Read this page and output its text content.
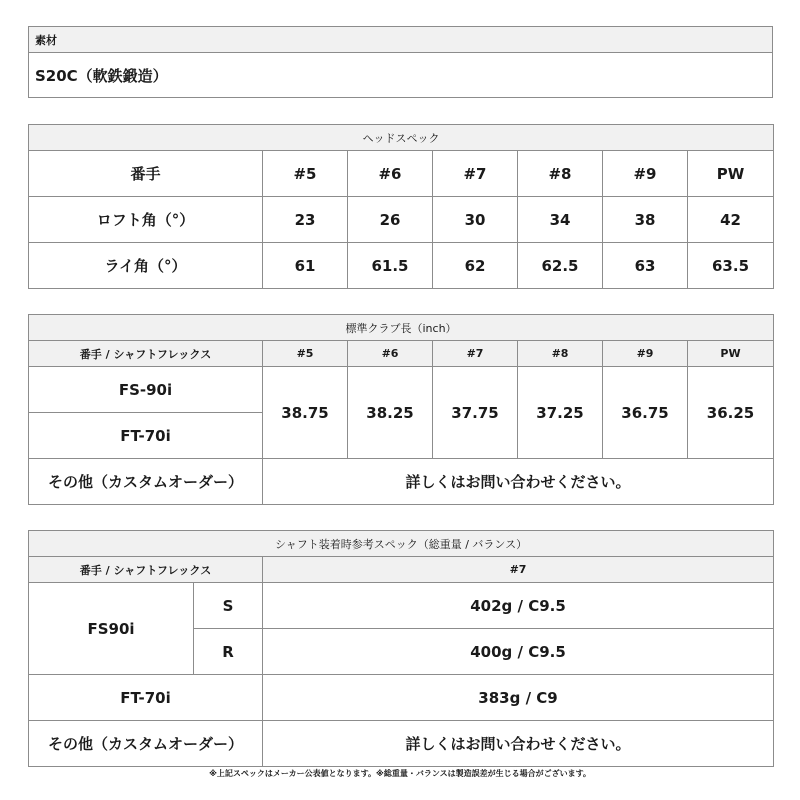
素材
S20C（軟鉄鍛造）
ヘッドスペック						
番手	#5	#6	#7	#8	#9	PW
ロフト角（°）	23	26	30	34	38	42
ライ角（°）	61	61.5	62	62.5	63	63.5
標準クラブ長（inch）						
番手 / シャフトフレックス	#5	#6	#7	#8	#9	PW
FS-90i	38.75	38.25	37.75	37.25	36.75	36.25
FT-70i						
その他（カスタムオーダー）	詳しくはお問い合わせください。					
シャフト装着時参考スペック（総重量 / バランス）		
番手 / シャフトフレックス		#7
FS90i	S	402g / C9.5
	R	400g / C9.5
FT-70i		383g / C9
その他（カスタムオーダー）		詳しくはお問い合わせください。
※上記スペックはメーカー公表値となります。※総重量・バランスは製造誤差が生じる場合がございます。
